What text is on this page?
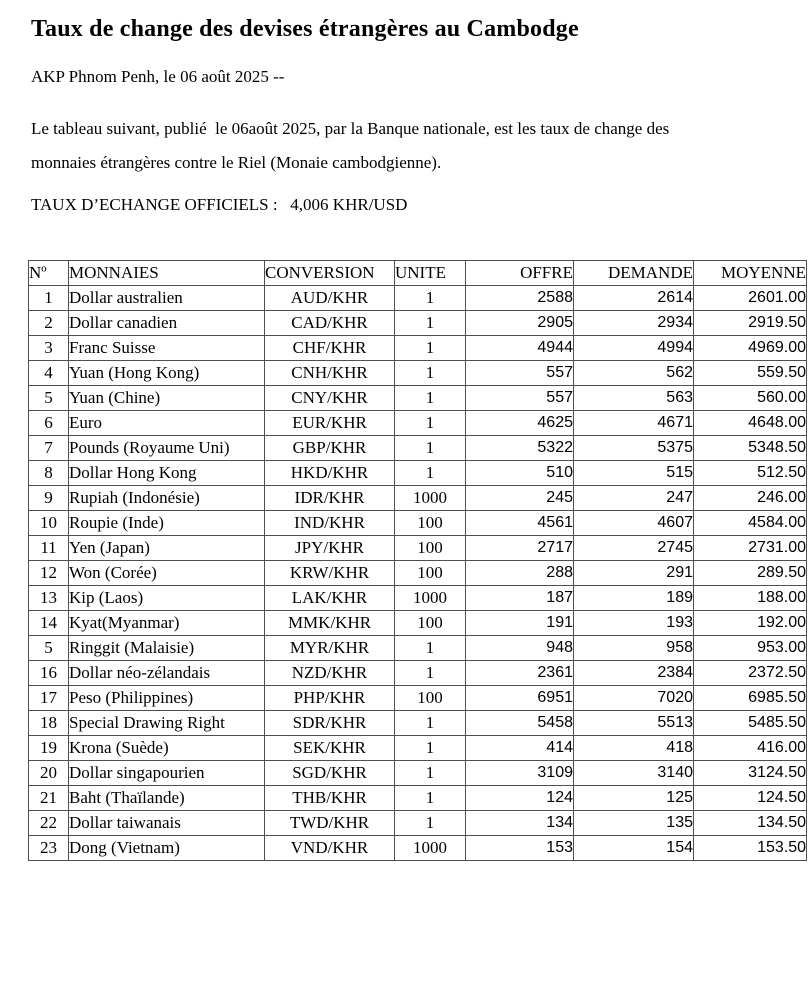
Taux de change des devises étrangères au Cambodge

AKP Phnom Penh, le 06 août 2025 --

Le tableau suivant, publié  le 06août 2025, par la Banque nationale, est les taux de change des
monnaies étrangères contre le Riel (Monaie cambodgienne).

TAUX D’ECHANGE OFFICIELS :   4,006 KHR/USD

Nº	MONNAIES	CONVERSION	UNITE	OFFRE	DEMANDE	MOYENNE
1	Dollar australien	AUD/KHR	1	2588	2614	2601.00
2	Dollar canadien	CAD/KHR	1	2905	2934	2919.50
3	Franc Suisse	CHF/KHR	1	4944	4994	4969.00
4	Yuan (Hong Kong)	CNH/KHR	1	557	562	559.50
5	Yuan (Chine)	CNY/KHR	1	557	563	560.00
6	Euro	EUR/KHR	1	4625	4671	4648.00
7	Pounds (Royaume Uni)	GBP/KHR	1	5322	5375	5348.50
8	Dollar Hong Kong	HKD/KHR	1	510	515	512.50
9	Rupiah (Indonésie)	IDR/KHR	1000	245	247	246.00
10	Roupie (Inde)	IND/KHR	100	4561	4607	4584.00
11	Yen (Japan)	JPY/KHR	100	2717	2745	2731.00
12	Won (Corée)	KRW/KHR	100	288	291	289.50
13	Kip (Laos)	LAK/KHR	1000	187	189	188.00
14	Kyat(Myanmar)	MMK/KHR	100	191	193	192.00
5	Ringgit (Malaisie)	MYR/KHR	1	948	958	953.00
16	Dollar néo-zélandais	NZD/KHR	1	2361	2384	2372.50
17	Peso (Philippines)	PHP/KHR	100	6951	7020	6985.50
18	Special Drawing Right	SDR/KHR	1	5458	5513	5485.50
19	Krona (Suède)	SEK/KHR	1	414	418	416.00
20	Dollar singapourien	SGD/KHR	1	3109	3140	3124.50
21	Baht (Thaïlande)	THB/KHR	1	124	125	124.50
22	Dollar taiwanais	TWD/KHR	1	134	135	134.50
23	Dong (Vietnam)	VND/KHR	1000	153	154	153.50
